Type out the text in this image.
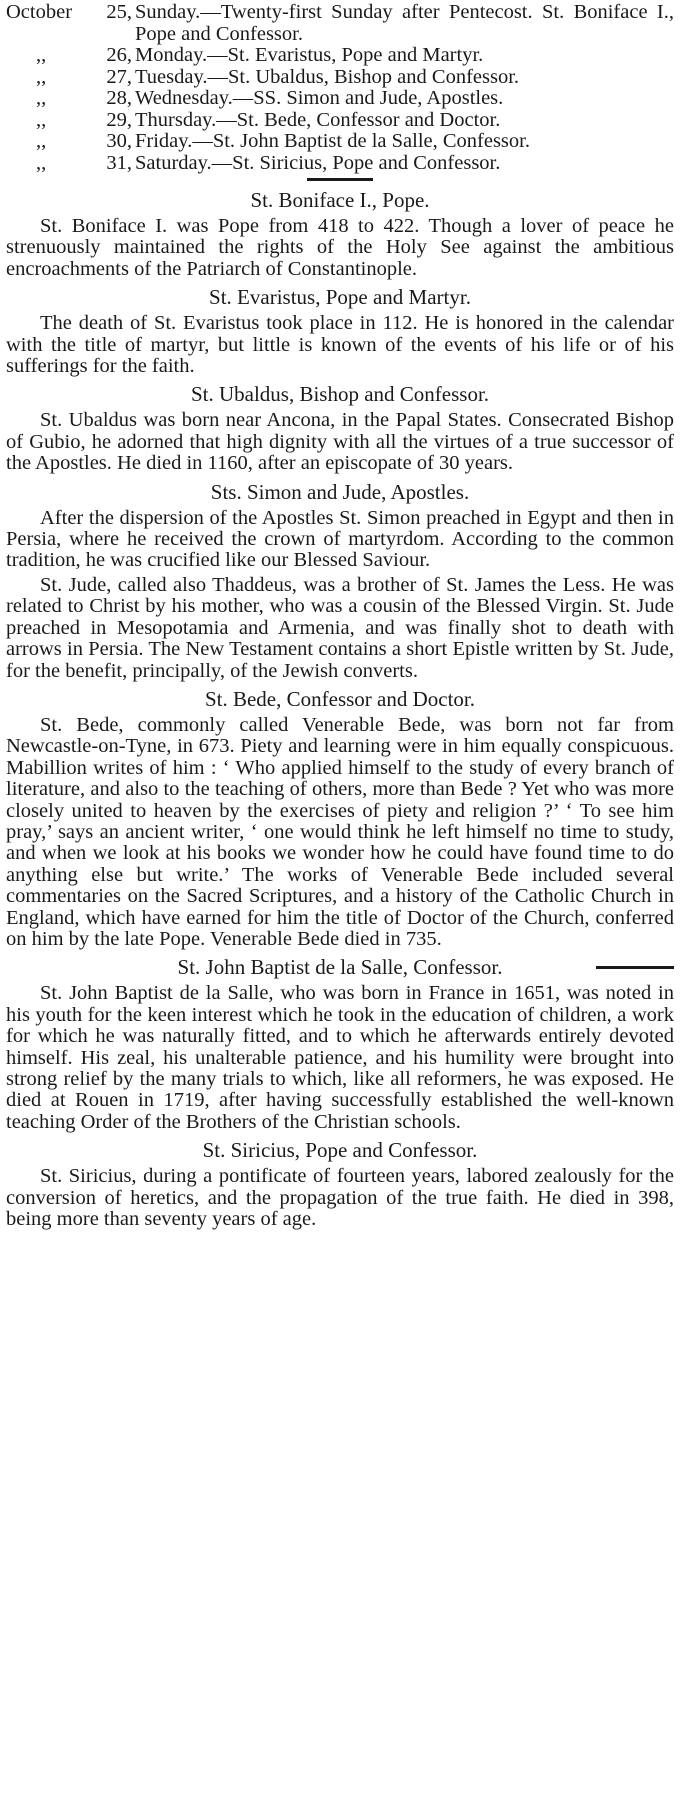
October	25, Sunday.—Twenty-first Sunday after Pentecost. St. Boniface I., Pope and Confessor.
,,	26, Monday.—St. Evaristus, Pope and Martyr.
,,	27, Tuesday.—St. Ubaldus, Bishop and Confessor.
,,	28, Wednesday.—SS. Simon and Jude, Apostles.
,,	29, Thursday.—St. Bede, Confessor and Doctor.
,,	30, Friday.—St. John Baptist de la Salle, Confessor.
,,	31, Saturday.—St. Siricius, Pope and Confessor.
St. Boniface I., Pope.

St. Boniface I. was Pope from 418 to 422. Though a lover of peace he strenuously maintained the rights of the Holy See against the ambitious encroachments of the Patriarch of Constantinople.

St. Evaristus, Pope and Martyr.

The death of St. Evaristus took place in 112. He is honored in the calendar with the title of martyr, but little is known of the events of his life or of his sufferings for the faith.

St. Ubaldus, Bishop and Confessor.

St. Ubaldus was born near Ancona, in the Papal States. Consecrated Bishop of Gubio, he adorned that high dignity with all the virtues of a true successor of the Apostles. He died in 1160, after an episcopate of 30 years.

Sts. Simon and Jude, Apostles.

After the dispersion of the Apostles St. Simon preached in Egypt and then in Persia, where he received the crown of martyrdom. According to the common tradition, he was crucified like our Blessed Saviour.

St. Jude, called also Thaddeus, was a brother of St. James the Less. He was related to Christ by his mother, who was a cousin of the Blessed Virgin. St. Jude preached in Mesopotamia and Armenia, and was finally shot to death with arrows in Persia. The New Testament contains a short Epistle written by St. Jude, for the benefit, principally, of the Jewish converts.

St. Bede, Confessor and Doctor.

St. Bede, commonly called Venerable Bede, was born not far from Newcastle-on-Tyne, in 673. Piety and learning were in him equally conspicuous. Mabillion writes of him : ‘ Who applied himself to the study of every branch of literature, and also to the teaching of others, more than Bede ? Yet who was more closely united to heaven by the exercises of piety and religion ?’ ‘ To see him pray,’ says an ancient writer, ‘ one would think he left himself no time to study, and when we look at his books we wonder how he could have found time to do anything else but write.’ The works of Venerable Bede included several commentaries on the Sacred Scriptures, and a history of the Catholic Church in England, which have earned for him the title of Doctor of the Church, conferred on him by the late Pope. Venerable Bede died in 735.

St. John Baptist de la Salle, Confessor.

St. John Baptist de la Salle, who was born in France in 1651, was noted in his youth for the keen interest which he took in the education of children, a work for which he was naturally fitted, and to which he afterwards entirely devoted himself. His zeal, his unalterable patience, and his humility were brought into strong relief by the many trials to which, like all reformers, he was exposed. He died at Rouen in 1719, after having successfully established the well-known teaching Order of the Brothers of the Christian schools.

St. Siricius, Pope and Confessor.

St. Siricius, during a pontificate of fourteen years, labored zealously for the conversion of heretics, and the propagation of the true faith. He died in 398, being more than seventy years of age.
